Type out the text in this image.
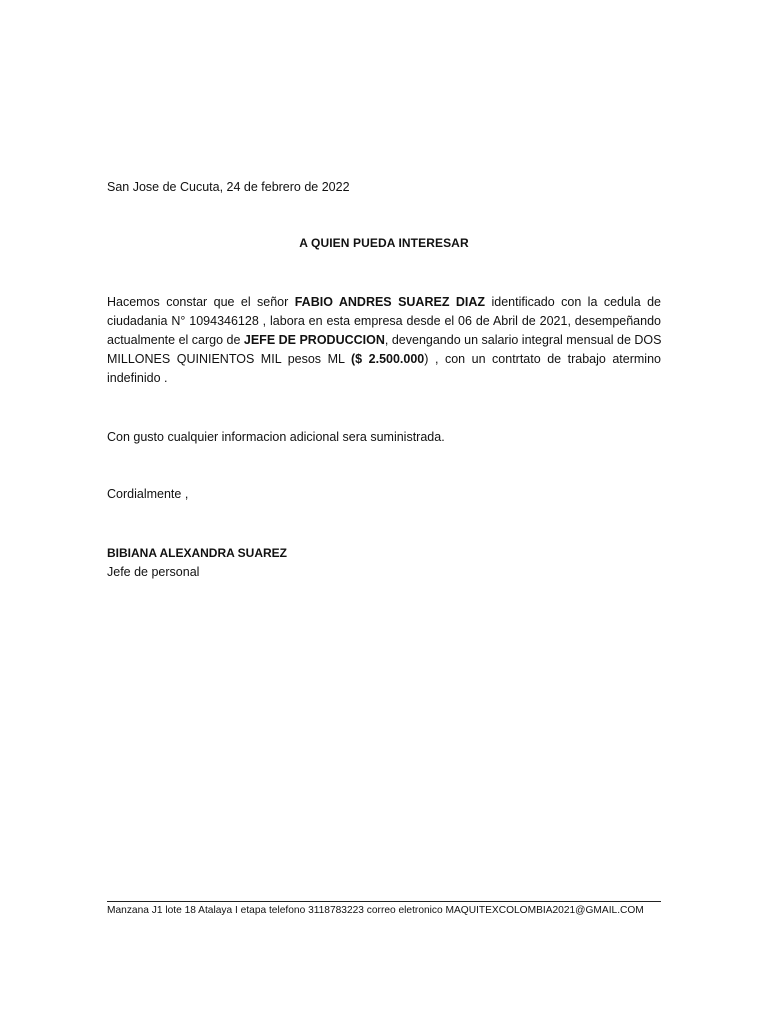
San Jose de Cucuta, 24 de febrero de 2022
A QUIEN PUEDA INTERESAR
Hacemos constar que el señor FABIO ANDRES SUAREZ DIAZ identificado con la cedula de
ciudadania N° 1094346128 , labora en esta empresa desde el 06 de Abril de 2021, desempeñando
actualmente el cargo de JEFE DE PRODUCCION, devengando un salario integral mensual de DOS
MILLONES QUINIENTOS MIL pesos ML ($ 2.500.000) , con un contrtato de trabajo atermino
indefinido .
Con gusto cualquier informacion adicional sera suministrada.
Cordialmente ,
BIBIANA ALEXANDRA SUAREZ
Jefe de personal
Manzana J1 lote 18 Atalaya I etapa telefono 3118783223 correo eletronico MAQUITEXCOLOMBIA2021@GMAIL.COM
